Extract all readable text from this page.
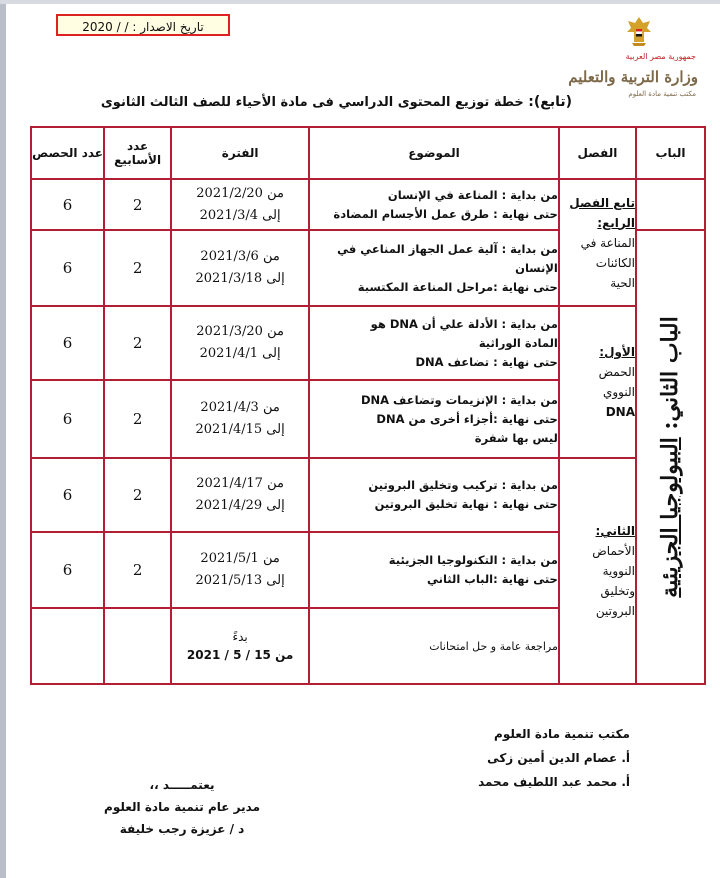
تاريخ الاصدار : / / 2020
جمهورية مصر العربية
وزارة التربية والتعليم
مكتب تنمية مادة العلوم
(تابع): خطة توزيع المحتوى الدراسي فى مادة الأحياء للصف الثالث الثانوى
الباب	الفصل	الموضوع	الفترة	عدد الأسابيع	عدد الحصص

	تابع الفصل الرابع:
المناعة في
الكائنات
الحية	من بداية : المناعة في الإنسان
حتى نهاية : طرق عمل الأجسام المضادة	من 2021/2/20
إلى 2021/3/4	2	6

الباب الثاني: البيولوجيا الجزيئية		من بداية : آلية عمل الجهاز المناعي في
الإنسان
حتى نهاية :مراحل المناعة المكتسبة	من 2021/3/6
إلى 2021/3/18	2	6

	الأول:
الحمض
النووي
DNA	من بداية : الأدلة علي أن DNA هو
المادة الوراثية
حتى نهاية : تضاعف DNA	من 2021/3/20
إلى 2021/4/1	2	6

		من بداية : الإنزيمات وتضاعف DNA
حتى نهاية :أجزاء أخرى من DNA
ليس بها شفرة	من 2021/4/3
إلى 2021/4/15	2	6

	الثاني:
الأحماض
النووية
وتخليق
البروتين	من بداية : تركيب وتخليق البروتين
حتى نهاية : نهاية تخليق البروتين	من 2021/4/17
إلى 2021/4/29	2	6

		من بداية : التكنولوجيا الجزيئية
حتى نهاية :الباب الثاني	من 2021/5/1
إلى 2021/5/13	2	6
		مراجعة عامة و حل امتحانات	بدءً
من 15 / 5 / 2021		

مكتب تنمية مادة العلوم
أ. عصام الدين أمين زكى
أ. محمد عبد اللطيف محمد
يعتمـــــد ،،
مدير عام تنمية مادة العلوم
د / عزيزة رجب خليفة
